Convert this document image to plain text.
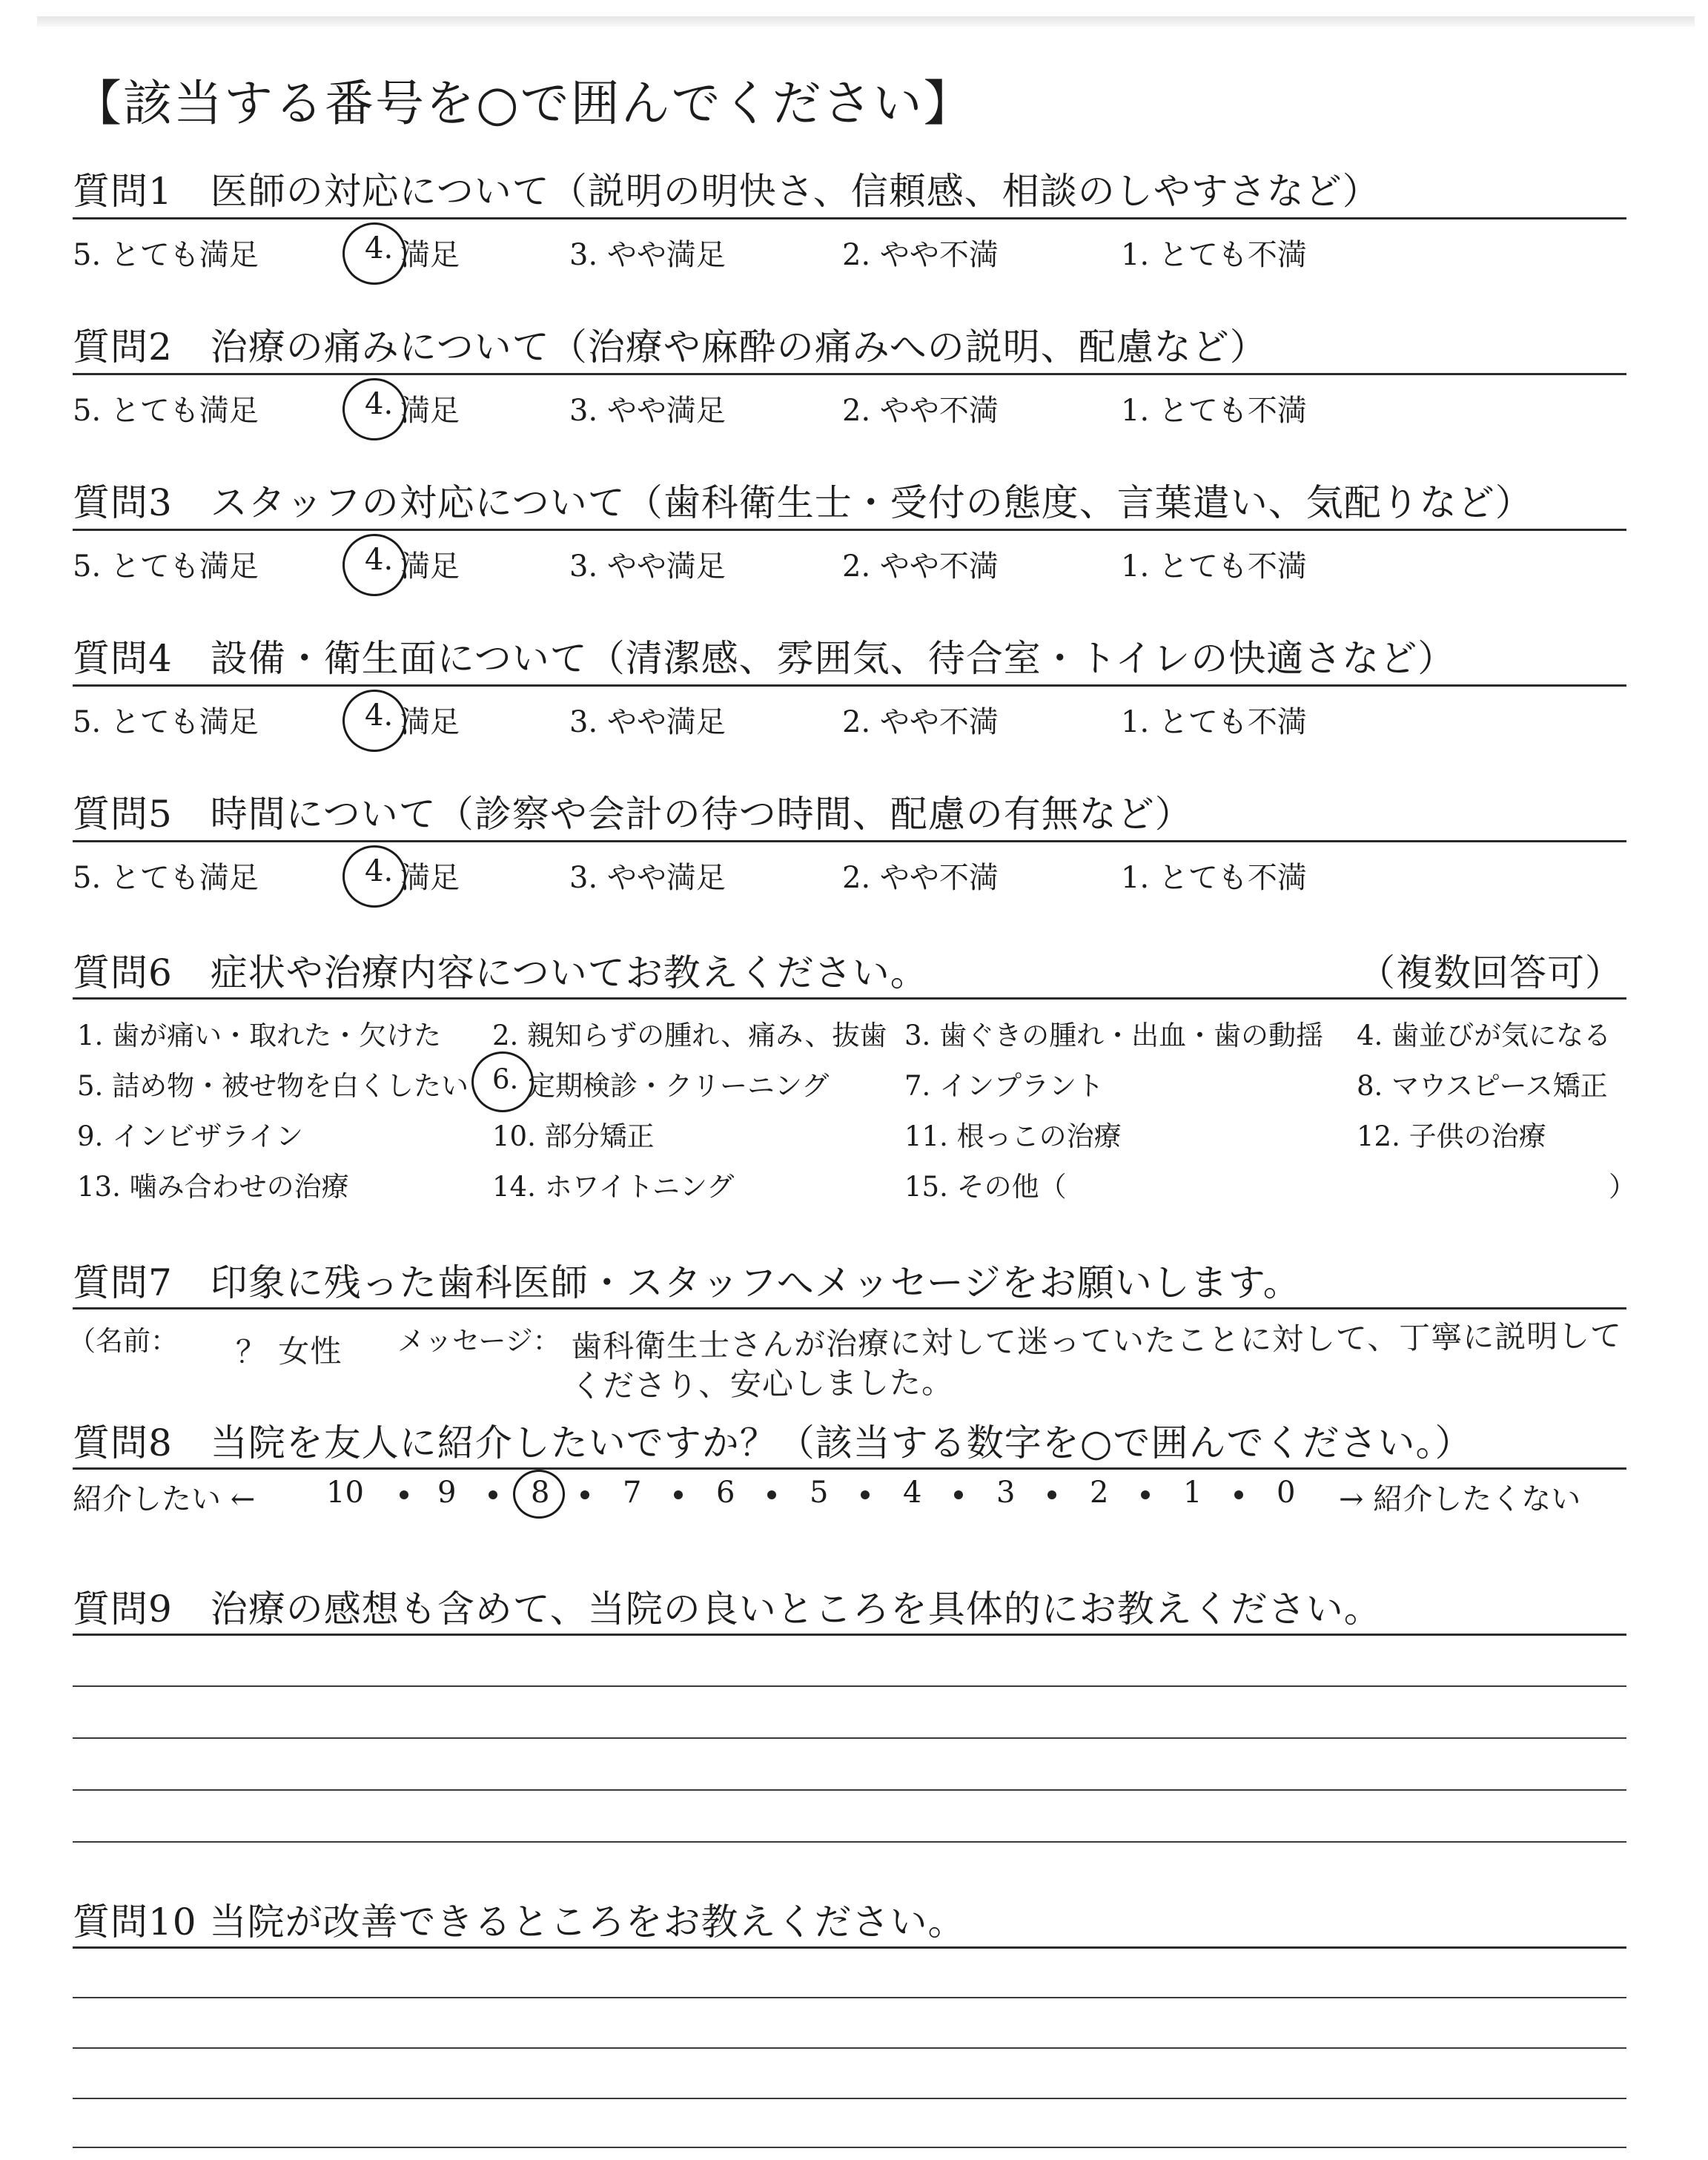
【該当する番号を○で囲んでください】
質問1　医師の対応について（説明の明快さ、信頼感、相談のしやすさなど）
5. とても満足	4. 満足	3. やや満足	2. やや不満	1. とても不満
質問2　治療の痛みについて（治療や麻酔の痛みへの説明、配慮など）
5. とても満足	4. 満足	3. やや満足	2. やや不満	1. とても不満
質問3　スタッフの対応について（歯科衛生士・受付の態度、言葉遣い、気配りなど）
5. とても満足	4. 満足	3. やや満足	2. やや不満	1. とても不満
質問4　設備・衛生面について（清潔感、雰囲気、待合室・トイレの快適さなど）
5. とても満足	4. 満足	3. やや満足	2. やや不満	1. とても不満
質問5　時間について（診察や会計の待つ時間、配慮の有無など）
5. とても満足	4. 満足	3. やや満足	2. やや不満	1. とても不満
質問6　症状や治療内容についてお教えください。	（複数回答可）
1. 歯が痛い・取れた・欠けた 2. 親知らずの腫れ、痛み、抜歯 3. 歯ぐきの腫れ・出血・歯の動揺 4. 歯並びが気になる
5. 詰め物・被せ物を白くしたい 6. 定期検診・クリーニング	7. インプラント	8. マウスピース矯正
9. インビザライン	10. 部分矯正	11. 根っこの治療	12. 子供の治療
13. 噛み合わせの治療	14. ホワイトニング	15. その他（	）
質問7　印象に残った歯科医師・スタッフへメッセージをお願いします。
（名前： ？ 女性 メッセージ： 歯科衛生士さんが治療に対して迷っていたことに対して、丁寧に説明して
くださり、安心しました。
質問8　当院を友人に紹介したいですか？（該当する数字を○で囲んでください。）
紹介したい ← 10 9	8 7	6	5	4	3	2	1	0 → 紹介したくない
質問9　治療の感想も含めて、当院の良いところを具体的にお教えください。
質問10 当院が改善できるところをお教えください。
